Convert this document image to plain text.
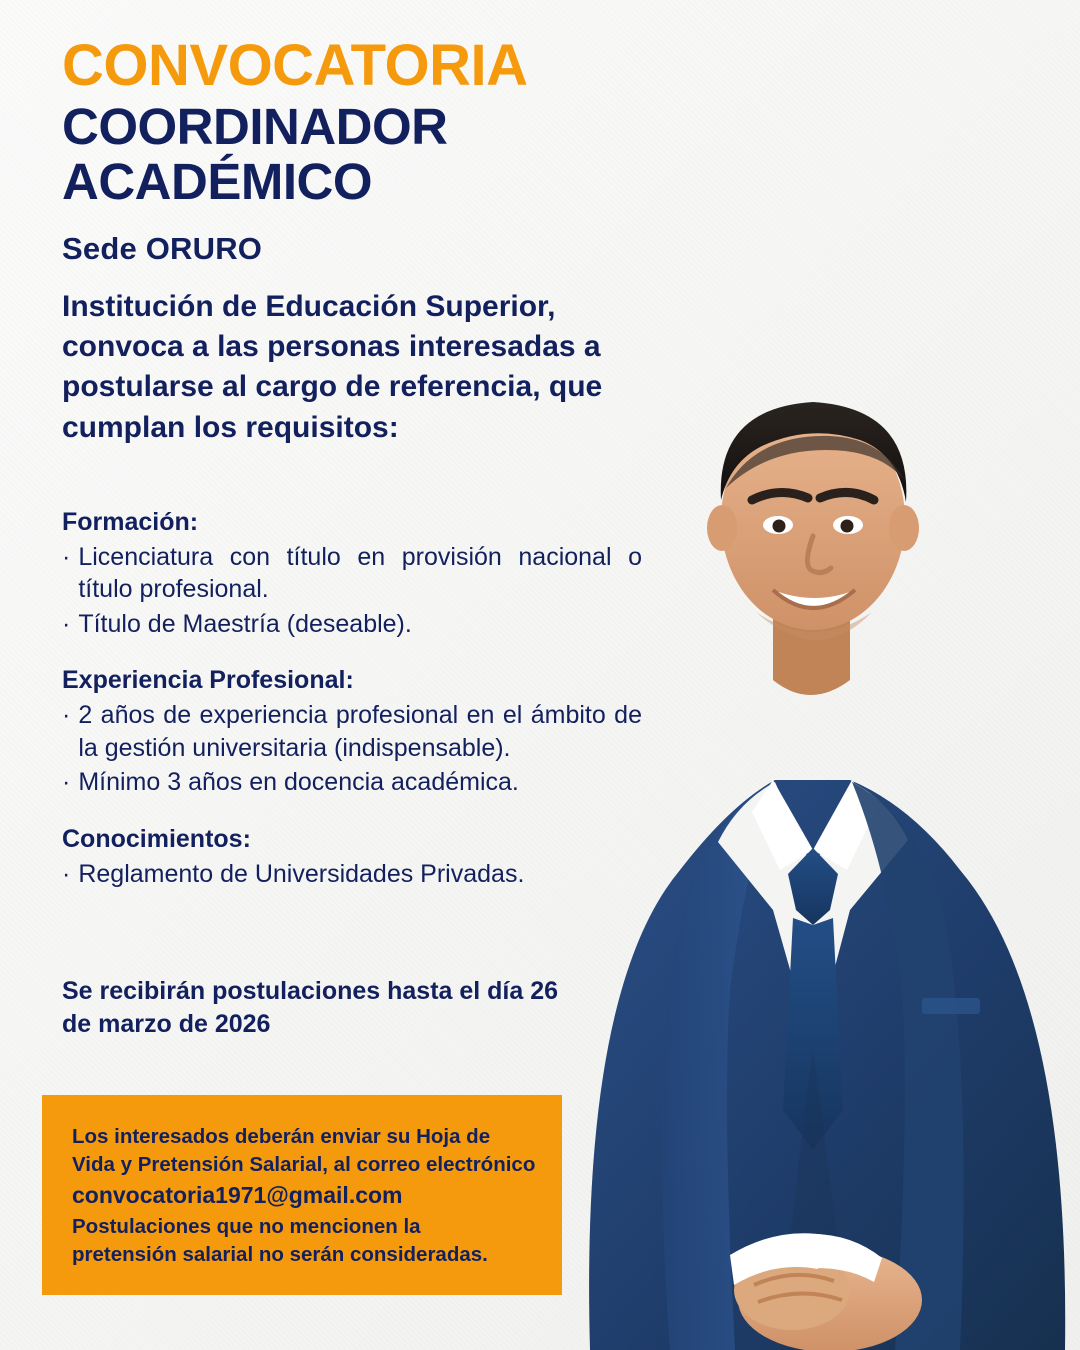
CONVOCATORIA
COORDINADOR ACADÉMICO
Sede ORURO
Institución de Educación Superior, convoca a las personas interesadas a postularse al cargo de referencia, que cumplan los requisitos:
Formación:
· Licenciatura con título en provisión nacional o título profesional.
· Título de Maestría (deseable).
Experiencia Profesional:
· 2 años de experiencia profesional en el ámbito de la gestión universitaria (indispensable).
· Mínimo 3 años en docencia académica.
Conocimientos:
· Reglamento de Universidades Privadas.
Se recibirán postulaciones hasta el día 26 de marzo de 2026

Los interesados deberán enviar su Hoja de

Vida y Pretensión Salarial, al correo electrónico

convocatoria1971@gmail.com

Postulaciones que no mencionen la

pretensión salarial no serán consideradas.
